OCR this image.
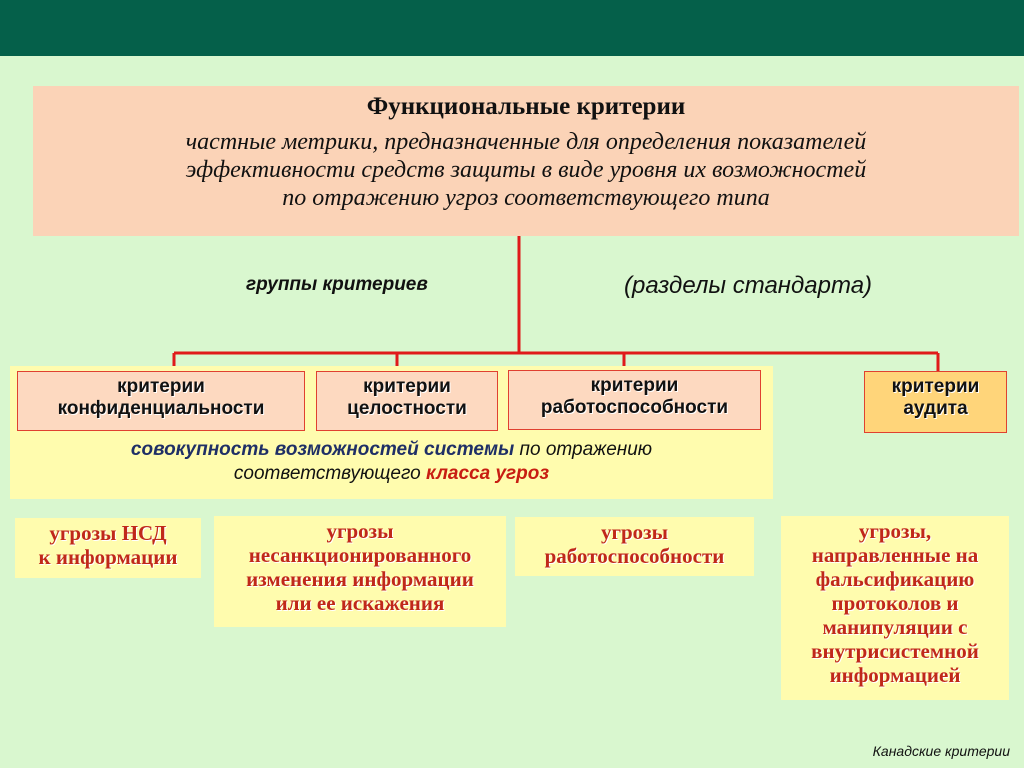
Функциональные критерии
частные метрики, предназначенные для определения показателей
эффективности средств защиты в виде уровня их возможностей
по отражению угроз соответствующего типа
группы критериев	(разделы стандарта)
критерии
конфиденциальности
критерии
целостности
критерии
работоспособности
критерии
аудита
совокупность возможностей системы по отражению
соответствующего класса угроз
угрозы НСД
к информации
угрозы
несанкционированного
изменения информации
или ее искажения
угрозы
работоспособности
угрозы,
направленные на
фальсификацию
протоколов и
манипуляции с
внутрисистемной
информацией
Канадские критерии
